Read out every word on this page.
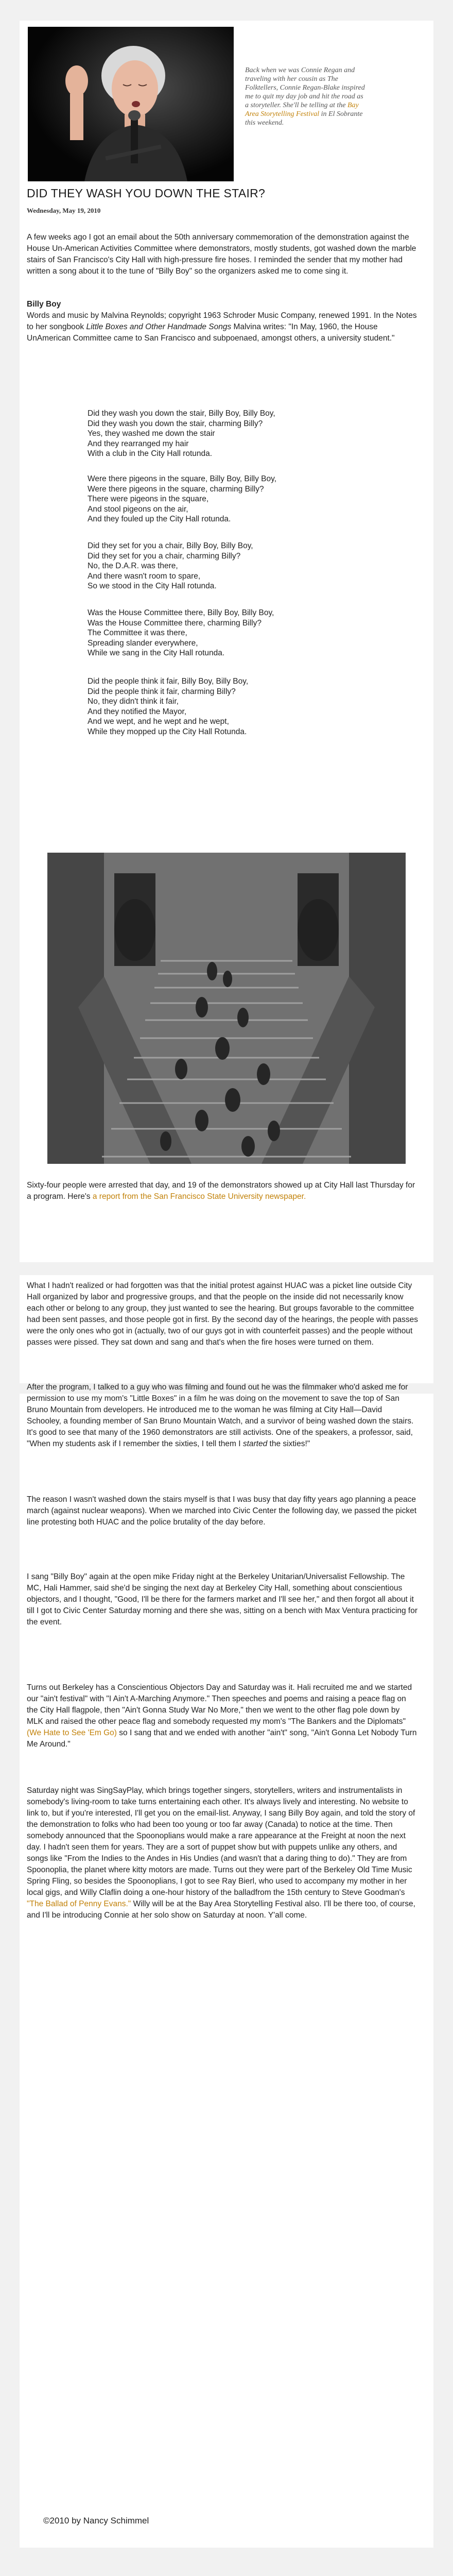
Back when we was Connie Regan and traveling with her cousin as The Folktellers, Connie Regan-Blake inspired me to quit my day job and hit the road as a storyteller. She'll be telling at the Bay Area Storytelling Festival in El Sobrante this weekend.
DID THEY WASH YOU DOWN THE STAIR?
Wednesday, May 19, 2010

A few weeks ago I got an email about the 50th anniversary commemoration of the demonstration against the House Un-American Activities Committee where demonstrators, mostly students, got washed down the marble stairs of San Francisco's City Hall with high-pressure fire hoses. I reminded the sender that my mother had written a song about it to the tune of "Billy Boy" so the organizers asked me to come sing it.

Billy Boy

Words and music by Malvina Reynolds; copyright 1963 Schroder Music Company, renewed 1991. In the Notes to her songbook Little Boxes and Other Handmade Songs Malvina writes: "In May, 1960, the House UnAmerican Committee came to San Francisco and subpoenaed, amongst others, a university student."

Did they wash you down the stair, Billy Boy, Billy Boy,
Did they wash you down the stair, charming Billy?
Yes, they washed me down the stair
And they rearranged my hair
With a club in the City Hall rotunda.
Were there pigeons in the square, Billy Boy, Billy Boy,
Were there pigeons in the square, charming Billy?
There were pigeons in the square,
And stool pigeons on the air,
And they fouled up the City Hall rotunda.
Did they set for you a chair, Billy Boy, Billy Boy,
Did they set for you a chair, charming Billy?
No, the D.A.R. was there,
And there wasn't room to spare,
So we stood in the City Hall rotunda.
Was the House Committee there, Billy Boy, Billy Boy,
Was the House Committee there, charming Billy?
The Committee it was there,
Spreading slander everywhere,
While we sang in the City Hall rotunda.
Did the people think it fair, Billy Boy, Billy Boy,
Did the people think it fair, charming Billy?
No, they didn't think it fair,
And they notified the Mayor,
And we wept, and he wept and he wept,
While they mopped up the City Hall Rotunda.

Sixty-four people were arrested that day, and 19 of the demonstrators showed up at City Hall last Thursday for a program. Here's a report from the San Francisco State University newspaper.

What I hadn't realized or had forgotten was that the initial protest against HUAC was a picket line outside City Hall organized by labor and progressive groups, and that the people on the inside did not necessarily know each other or belong to any group, they just wanted to see the hearing. But groups favorable to the committee had been sent passes, and those people got in first. By the second day of the hearings, the people with passes were the only ones who got in (actually, two of our guys got in with counterfeit passes) and the people without passes were pissed. They sat down and sang and that's when the fire hoses were turned on them.

After the program, I talked to a guy who was filming and found out he was the filmmaker who'd asked me for permission to use my mom's "Little Boxes" in a film he was doing on the movement to save the top of San Bruno Mountain from developers. He introduced me to the woman he was filming at City Hall—David Schooley, a founding member of San Bruno Mountain Watch, and a survivor of being washed down the stairs. It's good to see that many of the 1960 demonstrators are still activists. One of the speakers, a professor, said, "When my students ask if I remember the sixties, I tell them I started the sixties!"

The reason I wasn't washed down the stairs myself is that I was busy that day fifty years ago planning a peace march (against nuclear weapons). When we marched into Civic Center the following day, we passed the picket line protesting both HUAC and the police brutality of the day before.

I sang "Billy Boy" again at the open mike Friday night at the Berkeley Unitarian/Universalist Fellowship. The MC, Hali Hammer, said she'd be singing the next day at Berkeley City Hall, something about conscientious objectors, and I thought, "Good, I'll be there for the farmers market and I'll see her," and then forgot all about it till I got to Civic Center Saturday morning and there she was, sitting on a bench with Max Ventura practicing for the event.

Turns out Berkeley has a Conscientious Objectors Day and Saturday was it. Hali recruited me and we started our "ain't festival" with "I Ain't A-Marching Anymore." Then speeches and poems and raising a peace flag on the City Hall flagpole, then "Ain't Gonna Study War No More," then we went to the other flag pole down by MLK and raised the other peace flag and somebody requested my mom's "The Bankers and the Diplomats" (We Hate to See 'Em Go) so I sang that and we ended with another "ain't" song, "Ain't Gonna Let Nobody Turn Me Around."

Saturday night was SingSayPlay, which brings together singers, storytellers, writers and instrumentalists in somebody's living-room to take turns entertaining each other. It's always lively and interesting. No website to link to, but if you're interested, I'll get you on the email-list. Anyway, I sang Billy Boy again, and told the story of the demonstration to folks who had been too young or too far away (Canada) to notice at the time. Then somebody announced that the Spoonoplians would make a rare appearance at the Freight at noon the next day. I hadn't seen them for years. They are a sort of puppet show but with puppets unlike any others, and songs like "From the Indies to the Andes in His Undies (and wasn't that a daring thing to do)." They are from Spoonoplia, the planet where kitty motors are made. Turns out they were part of the Berkeley Old Time Music Spring Fling, so besides the Spoonoplians, I got to see Ray Bierl, who used to accompany my mother in her local gigs, and Willy Claflin doing a one-hour history of the balladfrom the 15th century to Steve Goodman's "The Ballad of Penny Evans." Willy will be at the Bay Area Storytelling Festival also. I'll be there too, of course, and I'll be introducing Connie at her solo show on Saturday at noon. Y'all come.

©2010 by Nancy Schimmel
